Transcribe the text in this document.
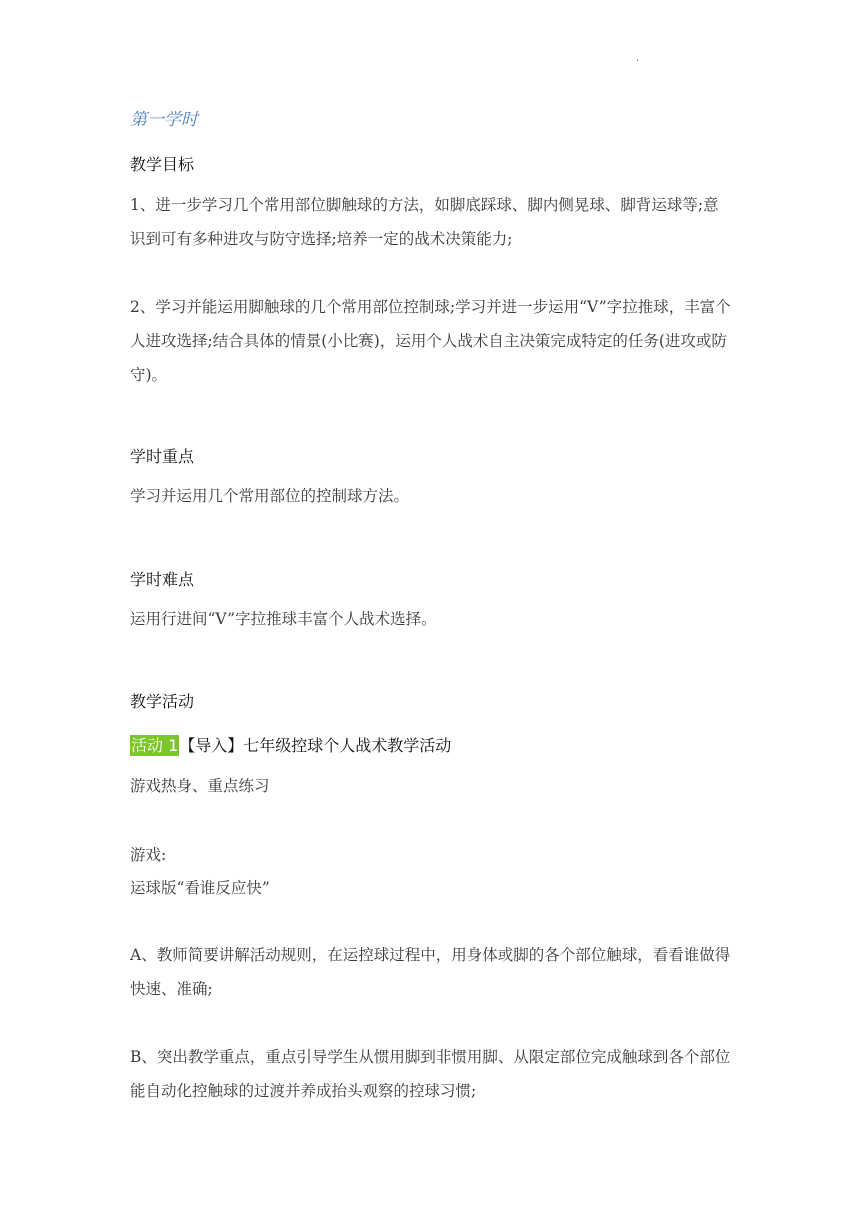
.
第一学时
教学目标

1、进一步学习几个常用部位脚触球的方法，如脚底踩球、脚内侧晃球、脚背运球等;意识到可有多种进攻与防守选择;培养一定的战术决策能力;

2、学习并能运用脚触球的几个常用部位控制球;学习并进一步运用“V”字拉推球，丰富个人进攻选择;结合具体的情景(小比赛)，运用个人战术自主决策完成特定的任务(进攻或防守)。

学时重点
学习并运用几个常用部位的控制球方法。
学时难点
运用行进间“V”字拉推球丰富个人战术选择。
教学活动
活动 1【导入】七年级控球个人战术教学活动
游戏热身、重点练习
游戏:
运球版“看谁反应快”

A、教师简要讲解活动规则，在运控球过程中，用身体或脚的各个部位触球，看看谁做得快速、准确;

B、突出教学重点，重点引导学生从惯用脚到非惯用脚、从限定部位完成触球到各个部位能自动化控触球的过渡并养成抬头观察的控球习惯;
